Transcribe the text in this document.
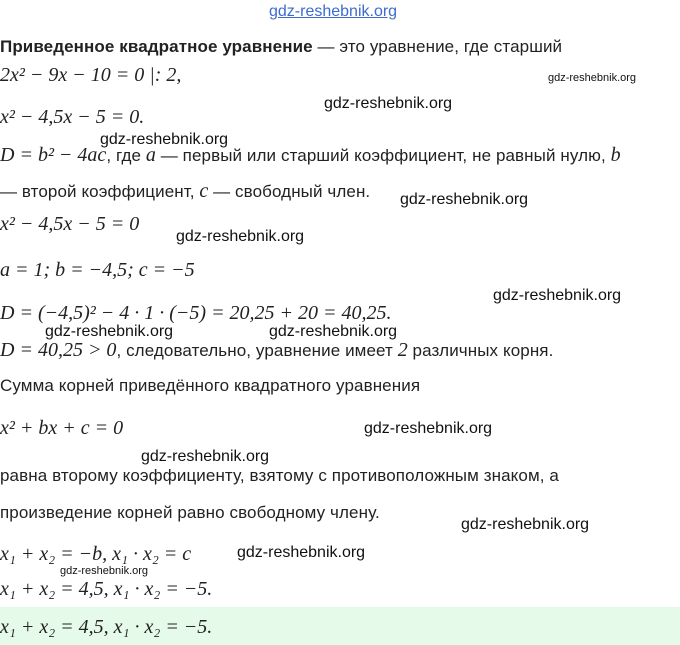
gdz-reshebnik.org
Приведенное квадратное уравнение — это уравнение, где старший
2x² − 9x − 10 = 0 |: 2,	gdz-reshebnik.org
gdz-reshebnik.org
x² − 4,5x − 5 = 0.
gdz-reshebnik.org
D = b² − 4ac, где a — первый или старший коэффициент, не равный нулю, b
— второй коэффициент, c — свободный член. gdz-reshebnik.org
x² − 4,5x − 5 = 0
gdz-reshebnik.org
a = 1; b = −4,5; c = −5
gdz-reshebnik.org
D = (−4,5)² − 4 · 1 · (−5) = 20,25 + 20 = 40,25.
gdz-reshebnik.org	gdz-reshebnik.org
D = 40,25 > 0, следовательно, уравнение имеет 2 различных корня.
Сумма корней приведённого квадратного уравнения
x² + bx + c = 0	gdz-reshebnik.org
gdz-reshebnik.org
равна второму коэффициенту, взятому с противоположным знаком, а
произведение корней равно свободному члену.
gdz-reshebnik.org
x₁ + x₂ = −b, x₁ · x₂ = c	gdz-reshebnik.org
gdz-reshebnik.org
x₁ + x₂ = 4,5, x₁ · x₂ = −5.
x₁ + x₂ = 4,5, x₁ · x₂ = −5.
